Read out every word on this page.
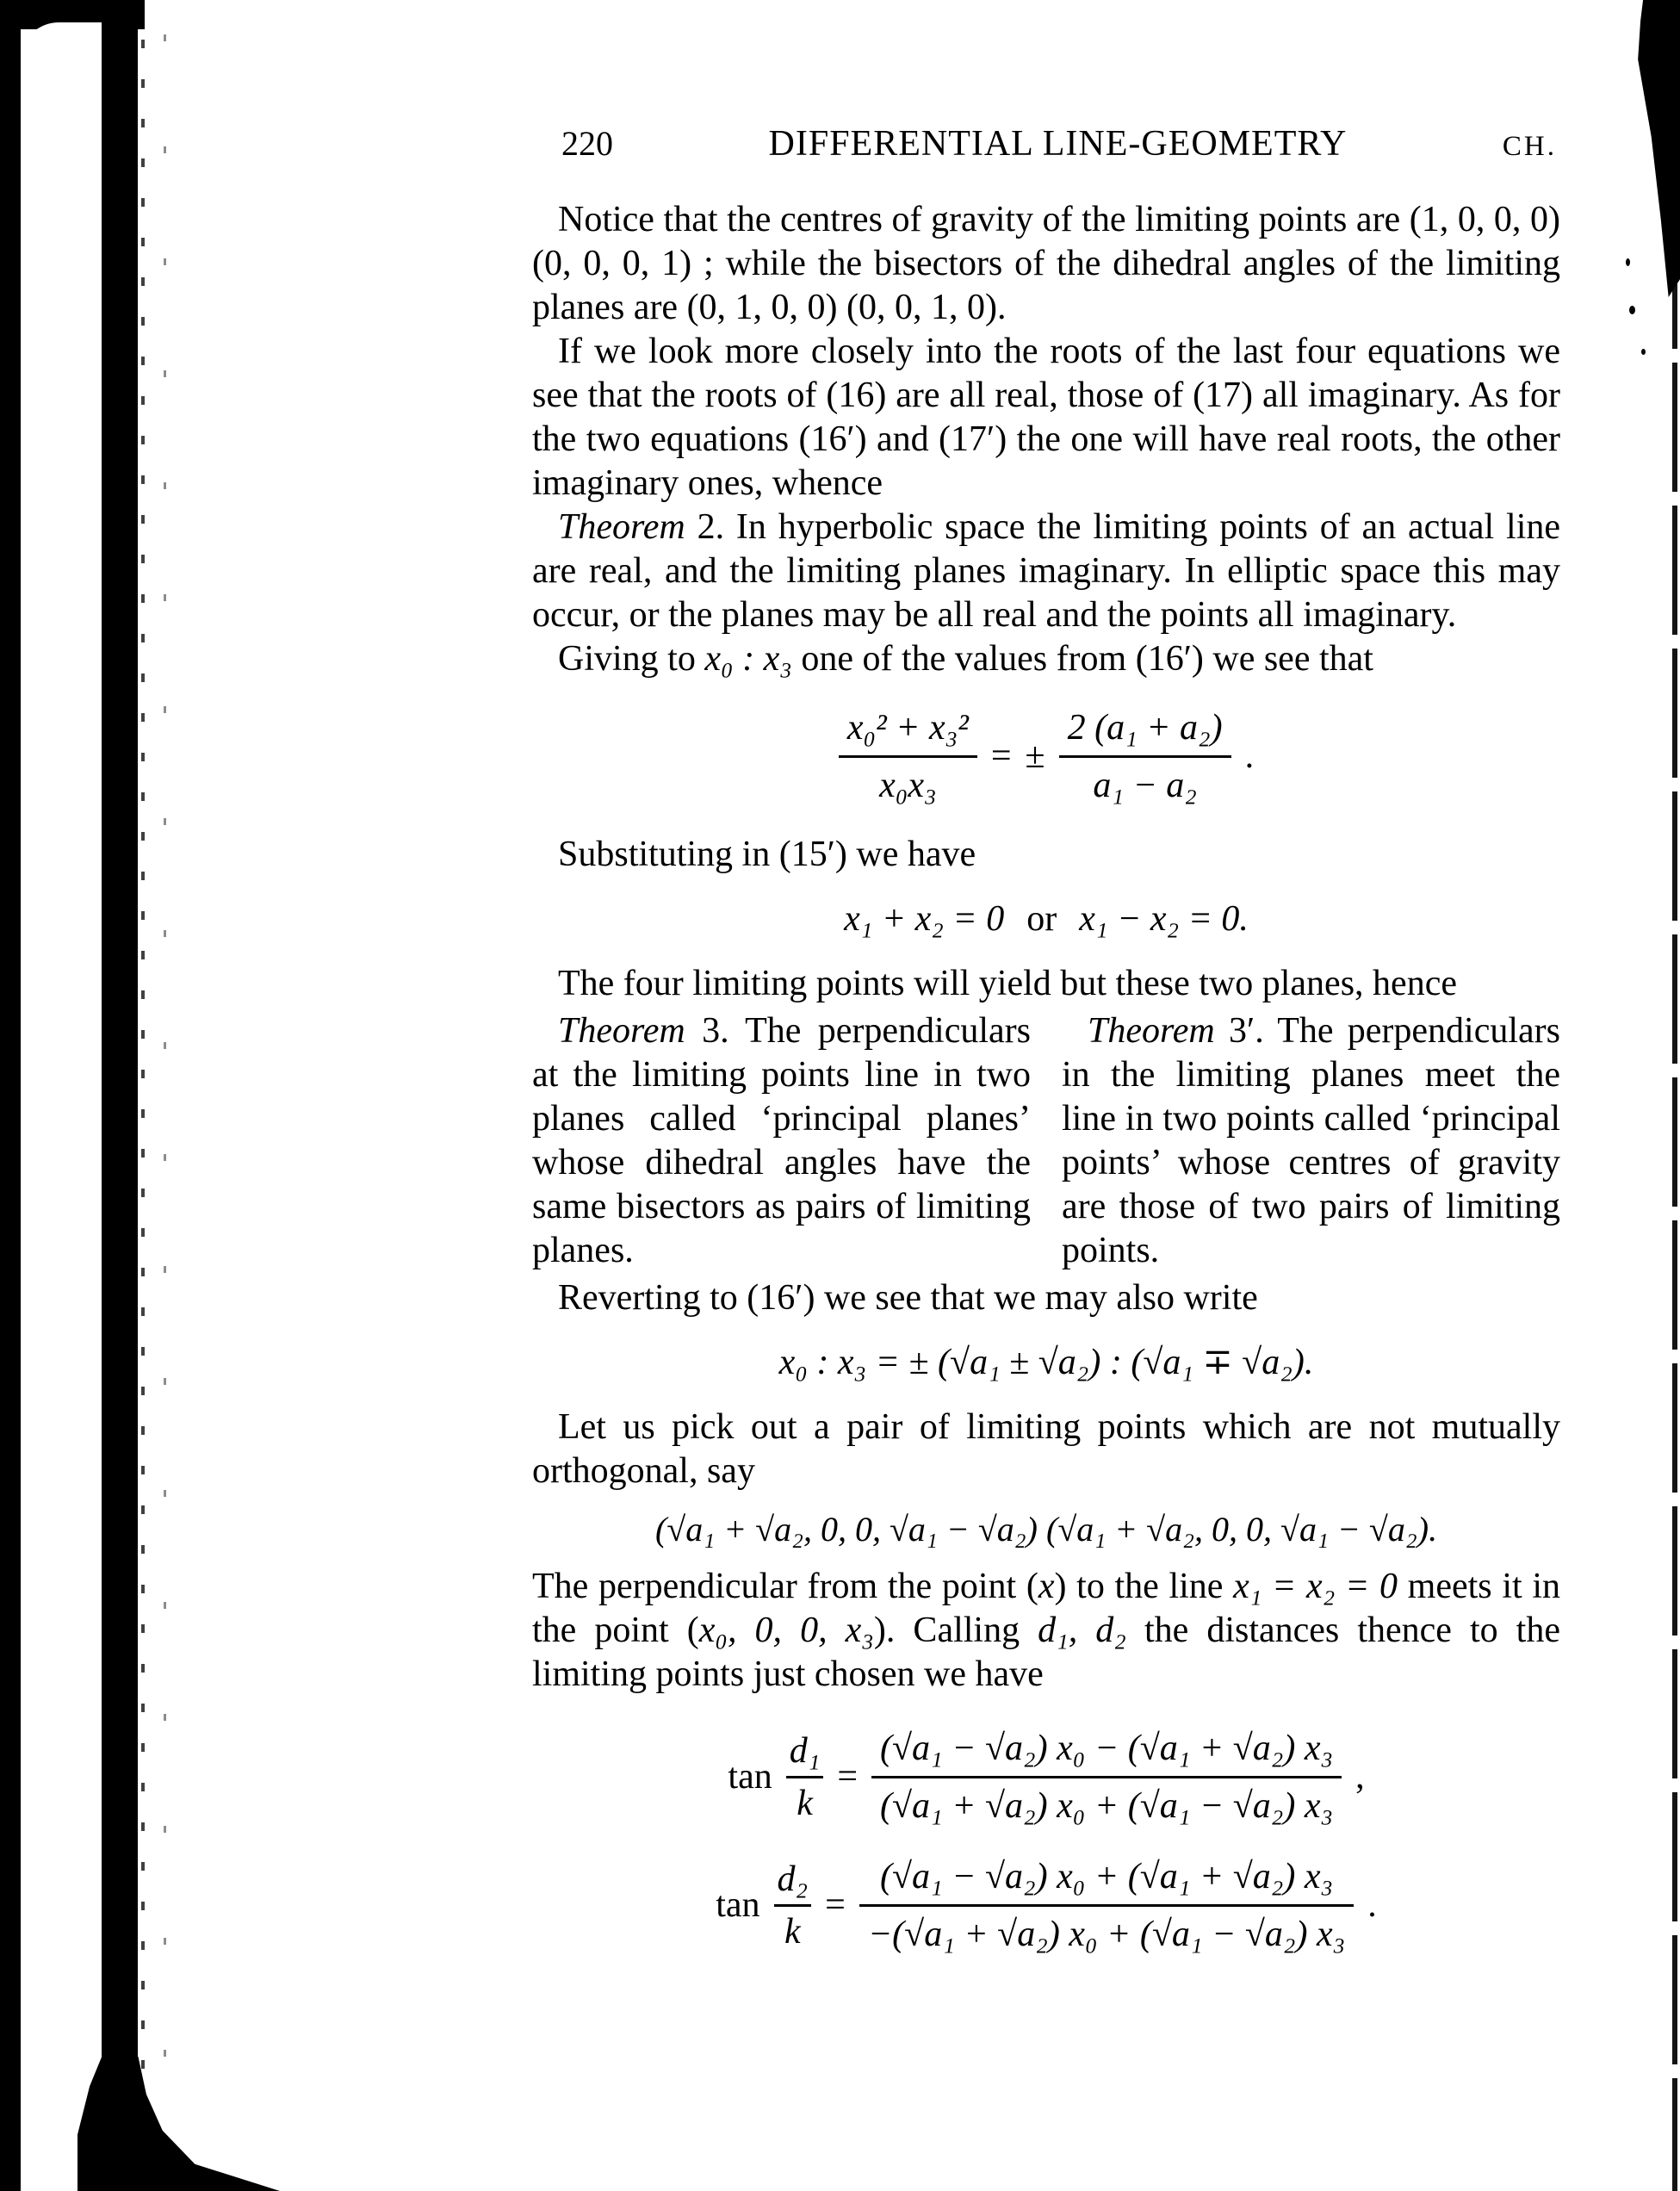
220	DIFFERENTIAL LINE-GEOMETRY	CH.

Notice that the centres of gravity of the limiting points are (1, 0, 0, 0) (0, 0, 0, 1) ; while the bisectors of the dihedral angles of the limiting planes are (0, 1, 0, 0) (0, 0, 1, 0).

If we look more closely into the roots of the last four equations we see that the roots of (16) are all real, those of (17) all imaginary. As for the two equations (16′) and (17′) the one will have real roots, the other imaginary ones, whence

Theorem 2. In hyperbolic space the limiting points of an actual line are real, and the limiting planes imaginary. In elliptic space this may occur, or the planes may be all real and the points all imaginary.

Giving to x₀ : x₃ one of the values from (16′) we see that

$\frac{\text{x₀² + x₃²}}{\text{x₀x₃}}$ = ± $\frac{\text{2 (a₁ + a₂)}}{\text{a₁ − a₂}}$ .

Substituting in (15′) we have

x₁ + x₂ = 0 or x₁ − x₂ = 0.

The four limiting points will yield but these two planes, hence

Theorem 3. The perpendiculars at the limiting points line in two planes called ‘principal planes’ whose dihedral angles have the same bisectors as pairs of limiting planes.

Theorem 3′. The perpendiculars in the limiting planes meet the line in two points called ‘principal points’ whose centres of gravity are those of two pairs of limiting points.

Reverting to (16′) we see that we may also write

x₀ : x₃ = ± (√a₁ ± √a₂) : (√a₁ ∓ √a₂).

Let us pick out a pair of limiting points which are not mutually orthogonal, say

(√a₁ + √a₂, 0, 0, √a₁ − √a₂) (√a₁ + √a₂, 0, 0, √a₁ − √a₂).

The perpendicular from the point (x) to the line x₁ = x₂ = 0 meets it in the point (x₀, 0, 0, x₃). Calling d₁, d₂ the distances thence to the limiting points just chosen we have

$\tan \frac{\text{d₁}}{k} = \frac{\text{(√a₁ − √a₂) x₀ − (√a₁ + √a₂) x₃}}{\text{(√a₁ + √a₂) x₀ + (√a₁ − √a₂) x₃}}$ ,
$\tan \frac{\text{d₂}}{k} = \frac{\text{(√a₁ − √a₂) x₀ + (√a₁ + √a₂) x₃}}{\text{−(√a₁ + √a₂) x₀ + (√a₁ − √a₂) x₃}}$ .
